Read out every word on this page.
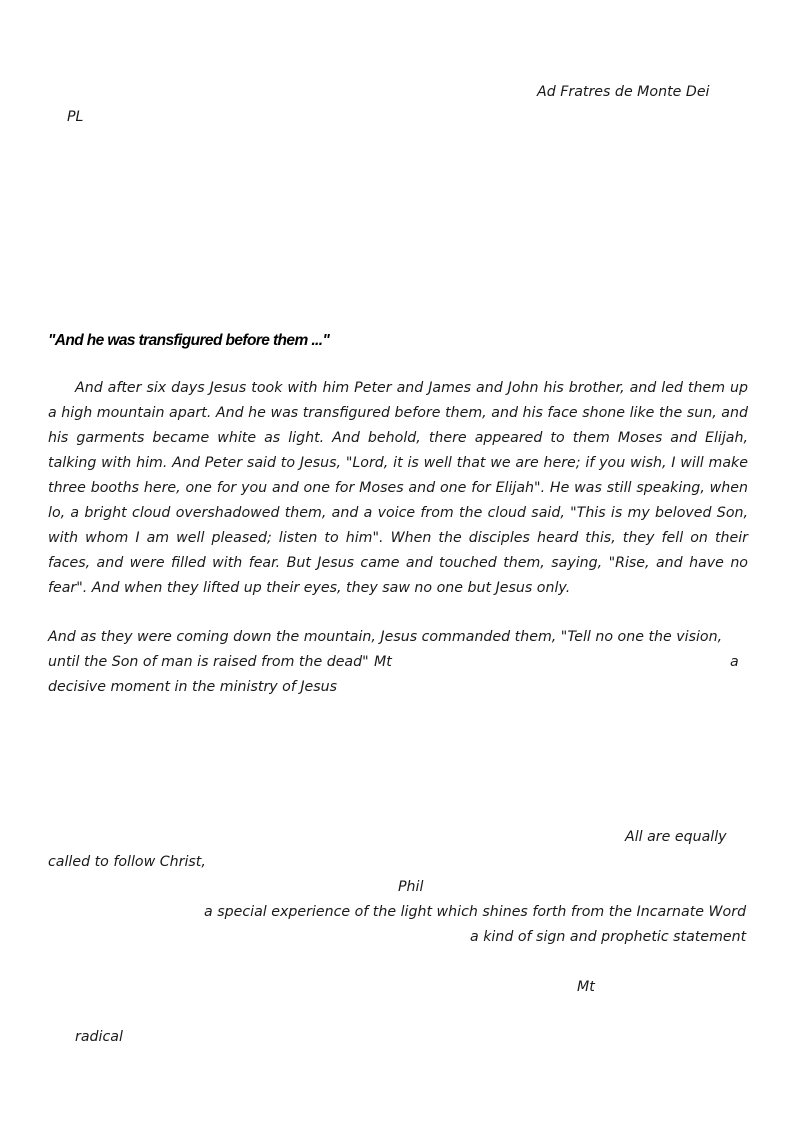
Ad Fratres de Monte Dei
PL
"And he was transfigured before them ..."

And after six days Jesus took with him Peter and James and John his brother, and led them up a high mountain apart. And he was transfigured before them, and his face shone like the sun, and his garments became white as light. And behold, there appeared to them Moses and Elijah, talking with him. And Peter said to Jesus, "Lord, it is well that we are here; if you wish, I will make three booths here, one for you and one for Moses and one for Elijah". He was still speaking, when lo, a bright cloud overshadowed them, and a voice from the cloud said, "This is my beloved Son, with whom I am well pleased; listen to him". When the disciples heard this, they fell on their faces, and were filled with fear. But Jesus came and touched them, saying, "Rise, and have no fear". And when they lifted up their eyes, they saw no one but Jesus only.

And as they were coming down the mountain, Jesus commanded them, "Tell no one the vision,
until the Son of man is raised from the dead" Mt	a
decisive moment in the ministry of Jesus
All are equally
called to follow Christ,
Phil
a special experience of the light which shines forth from the Incarnate Word
a kind of sign and prophetic statement
Mt
radical
